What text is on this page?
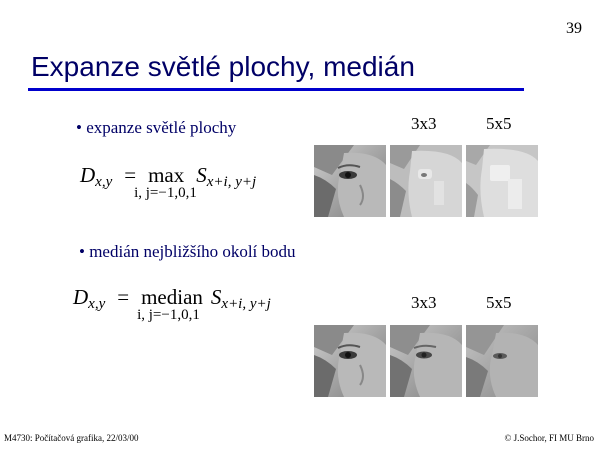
39
Expanze světlé plochy, medián
• expanze světlé plochy
• medián nejbližšího okolí bodu
3x3	5x5
3x3	5x5
Dx,y = max
i, j=−1,0,1
Sx+i, y+j
Dx,y = median
i, j=−1,0,1
Sx+i, y+j
M4730: Počítačová grafika, 22/03/00	© J.Sochor, FI MU Brno
